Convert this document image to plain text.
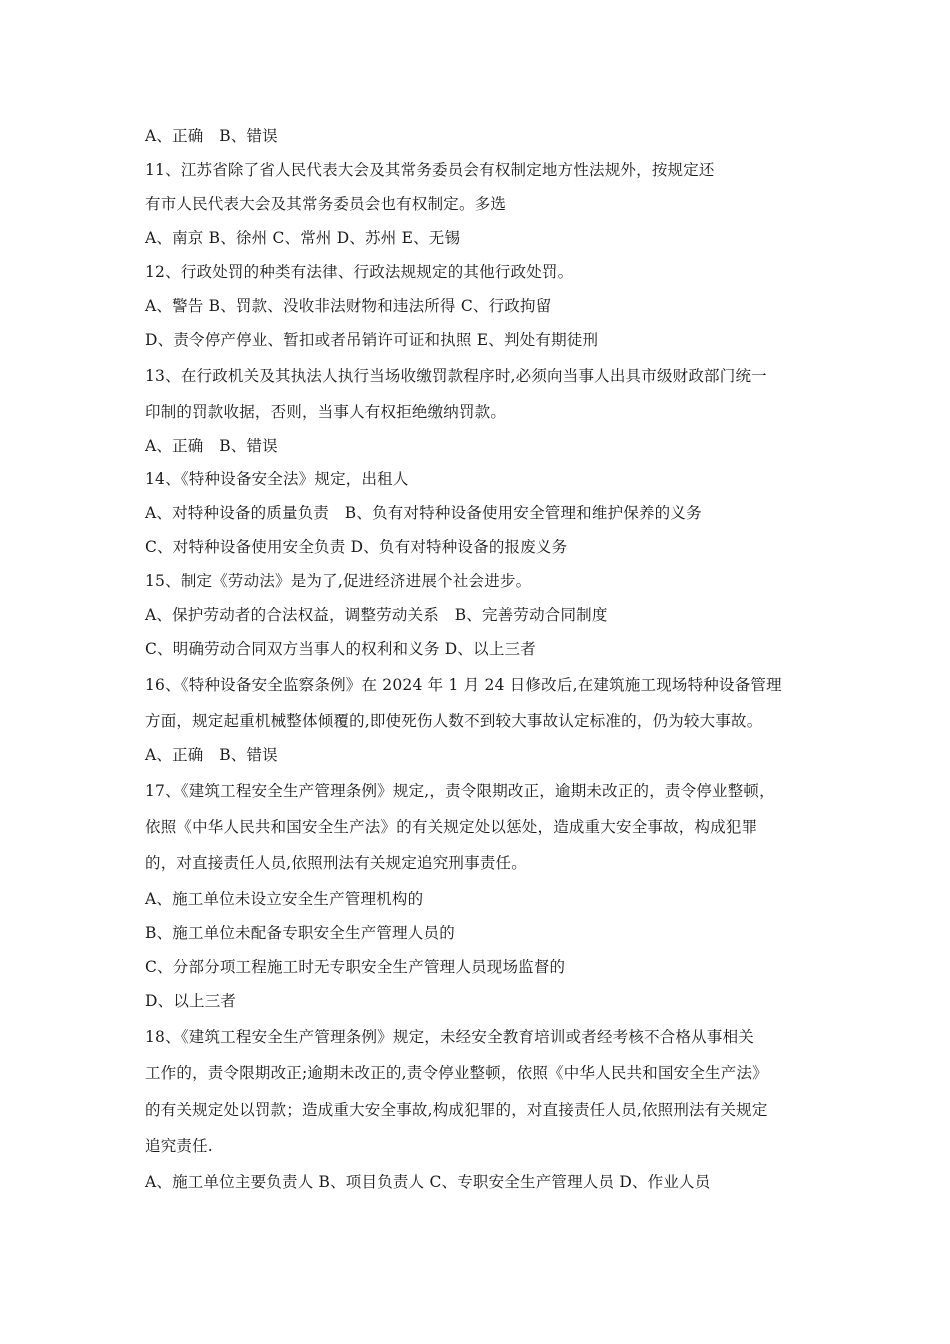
A、正确　B、错误
11、江苏省除了省人民代表大会及其常务委员会有权制定地方性法规外，按规定还
有市人民代表大会及其常务委员会也有权制定。多选
A、南京 B、徐州 C、常州 D、苏州 E、无锡
12、行政处罚的种类有法律、行政法规规定的其他行政处罚。
A、警告 B、罚款、没收非法财物和违法所得 C、行政拘留
D、责令停产停业、暂扣或者吊销许可证和执照 E、判处有期徒刑
13、在行政机关及其执法人执行当场收缴罚款程序时,必须向当事人出具市级财政部门统一
印制的罚款收据，否则，当事人有权拒绝缴纳罚款。
A、正确　B、错误
14、《特种设备安全法》规定，出租人
A、对特种设备的质量负责　B、负有对特种设备使用安全管理和维护保养的义务
C、对特种设备使用安全负责 D、负有对特种设备的报废义务
15、制定《劳动法》是为了,促进经济进展个社会进步。
A、保护劳动者的合法权益，调整劳动关系　B、完善劳动合同制度
C、明确劳动合同双方当事人的权利和义务 D、以上三者
16、《特种设备安全监察条例》在 2024 年 1 月 24 日修改后,在建筑施工现场特种设备管理
方面，规定起重机械整体倾覆的,即使死伤人数不到较大事故认定标准的，仍为较大事故。
A、正确　B、错误
17、《建筑工程安全生产管理条例》规定,，责令限期改正，逾期未改正的，责令停业整顿，
依照《中华人民共和国安全生产法》的有关规定处以惩处，造成重大安全事故，构成犯罪
的，对直接责任人员,依照刑法有关规定追究刑事责任。
A、施工单位未设立安全生产管理机构的
B、施工单位未配备专职安全生产管理人员的
C、分部分项工程施工时无专职安全生产管理人员现场监督的
D、以上三者
18、《建筑工程安全生产管理条例》规定，未经安全教育培训或者经考核不合格从事相关
工作的，责令限期改正;逾期未改正的,责令停业整顿，依照《中华人民共和国安全生产法》
的有关规定处以罚款；造成重大安全事故,构成犯罪的，对直接责任人员,依照刑法有关规定
追究责任.
A、施工单位主要负责人 B、项目负责人 C、专职安全生产管理人员 D、作业人员
